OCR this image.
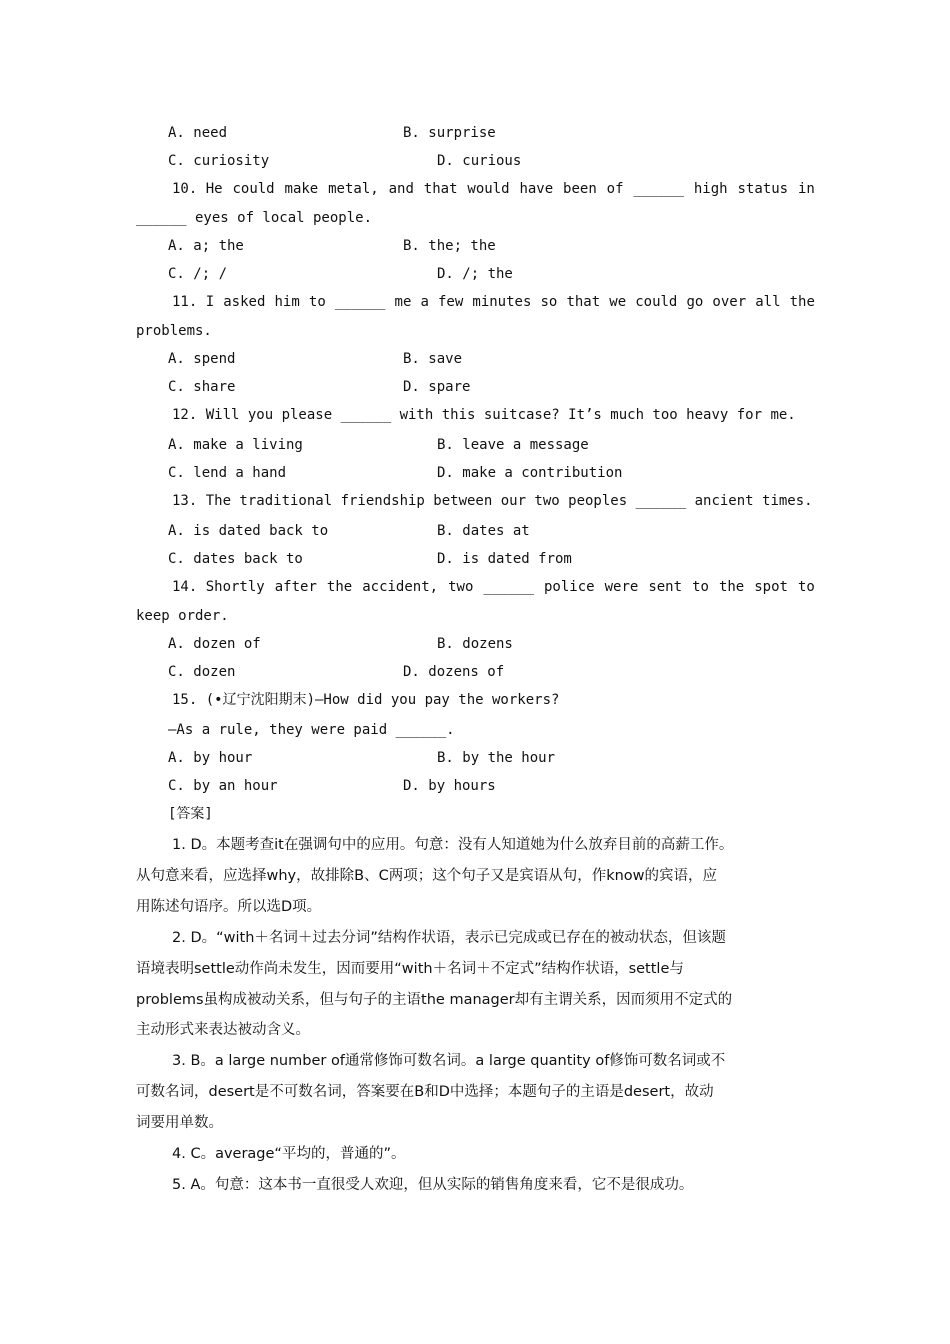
A. need	B. surprise
C. curiosity	D. curious
10. He could make metal, and that would have been of ______ high status in
______ eyes of local people.
A. a; the	B. the; the
C. /; /	D. /; the
11. I asked him to ______ me a few minutes so that we could go over all the
problems.
A. spend	B. save
C. share	D. spare
12. Will you please ______ with this suitcase? It’s much too heavy for me.
A. make a living	B. leave a message
C. lend a hand	D. make a contribution
13. The traditional friendship between our two peoples ______ ancient times.
A. is dated back to	B. dates at
C. dates back to	D. is dated from
14. Shortly after the accident, two ______ police were sent to the spot to
keep order.
A. dozen of	B. dozens
C. dozen	D. dozens of
15. (•辽宁沈阳期末)—How did you pay the workers?
—As a rule, they were paid ______.
A. by hour	B. by the hour
C. by an hour	D. by hours
[答案]
1. D。本题考查it在强调句中的应用。句意：没有人知道她为什么放弃目前的高薪工作。
从句意来看，应选择why，故排除B、C两项；这个句子又是宾语从句，作know的宾语，应
用陈述句语序。所以选D项。
2. D。“with＋名词＋过去分词”结构作状语，表示已完成或已存在的被动状态，但该题
语境表明settle动作尚未发生，因而要用“with＋名词＋不定式”结构作状语，settle与
problems虽构成被动关系，但与句子的主语the manager却有主谓关系，因而须用不定式的
主动形式来表达被动含义。
3. B。a large number of通常修饰可数名词。a large quantity of修饰可数名词或不
可数名词，desert是不可数名词，答案要在B和D中选择；本题句子的主语是desert，故动
词要用单数。
4. C。average“平均的，普通的”。
5. A。句意：这本书一直很受人欢迎，但从实际的销售角度来看，它不是很成功。
